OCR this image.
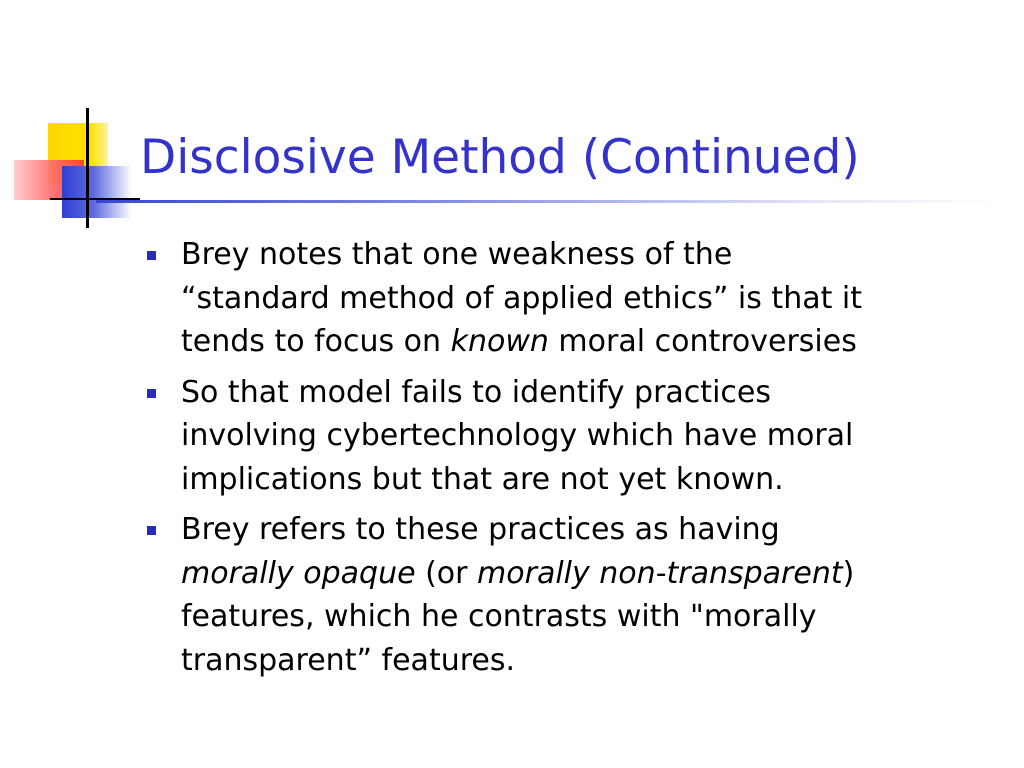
Disclosive Method (Continued)
Brey notes that one weakness of the
“standard method of applied ethics” is that it
tends to focus on known moral controversies
So that model fails to identify practices
involving cybertechnology which have moral
implications but that are not yet known.
Brey refers to these practices as having
morally opaque (or morally non-transparent)
features, which he contrasts with "morally
transparent” features.
